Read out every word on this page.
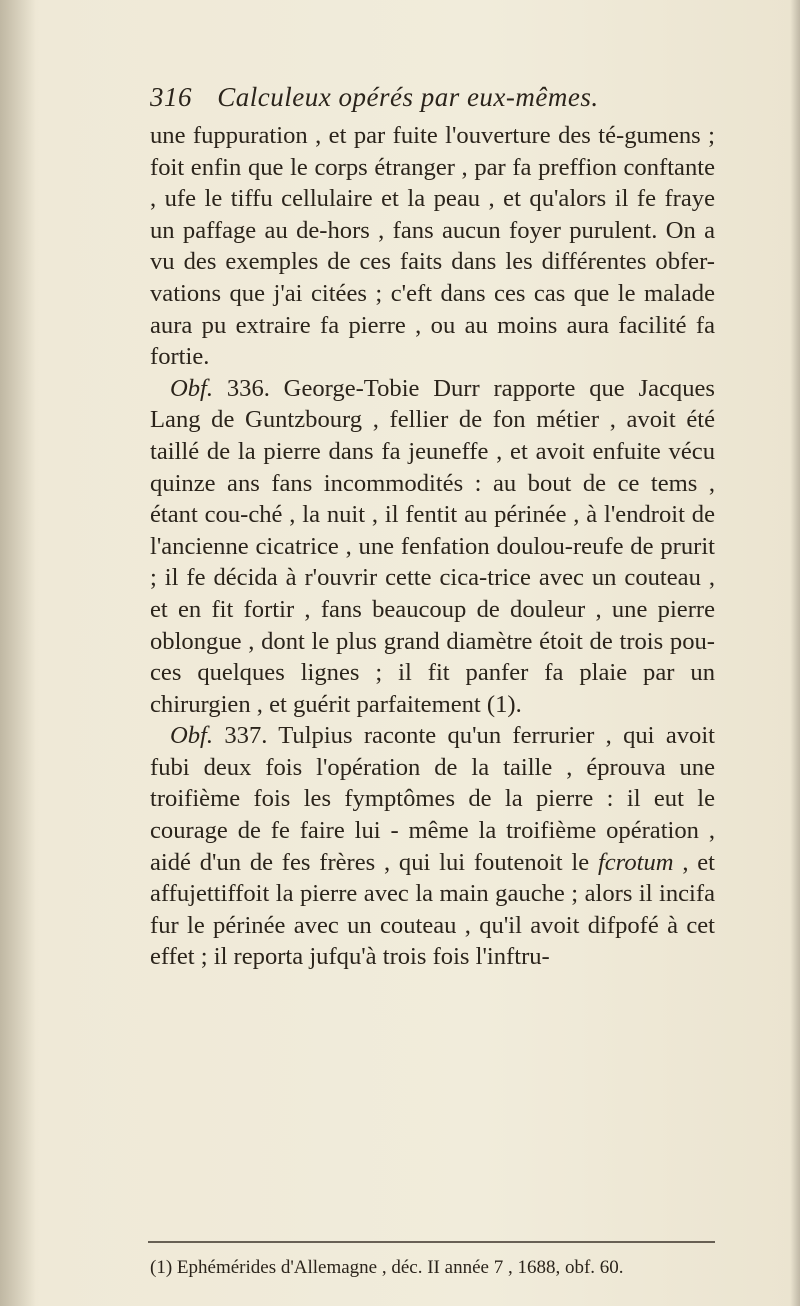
316 Calculeux opérés par eux-mêmes.

une fuppuration , et par fuite l'ouverture des té-gumens ; foit enfin que le corps étranger , par fa preffion conftante , ufe le tiffu cellulaire et la peau , et qu'alors il fe fraye un paffage au de-hors , fans aucun foyer purulent. On a vu des exemples de ces faits dans les différentes obfer-vations que j'ai citées ; c'eft dans ces cas que le malade aura pu extraire fa pierre , ou au moins aura facilité fa fortie.

Obf. 336. George-Tobie Durr rapporte que Jacques Lang de Guntzbourg , fellier de fon métier , avoit été taillé de la pierre dans fa jeuneffe , et avoit enfuite vécu quinze ans fans incommodités : au bout de ce tems , étant cou-ché , la nuit , il fentit au périnée , à l'endroit de l'ancienne cicatrice , une fenfation doulou-reufe de prurit ; il fe décida à r'ouvrir cette cica-trice avec un couteau , et en fit fortir , fans beaucoup de douleur , une pierre oblongue , dont le plus grand diamètre étoit de trois pou-ces quelques lignes ; il fit panfer fa plaie par un chirurgien , et guérit parfaitement (1).

Obf. 337. Tulpius raconte qu'un ferrurier , qui avoit fubi deux fois l'opération de la taille , éprouva une troifième fois les fymptômes de la pierre : il eut le courage de fe faire lui - même la troifième opération , aidé d'un de fes frères , qui lui foutenoit le fcrotum , et affujettiffoit la pierre avec la main gauche ; alors il incifa fur le périnée avec un couteau , qu'il avoit difpofé à cet effet ; il reporta jufqu'à trois fois l'inftru-

(1) Ephémérides d'Allemagne , déc. II année 7 , 1688, obf. 60.
